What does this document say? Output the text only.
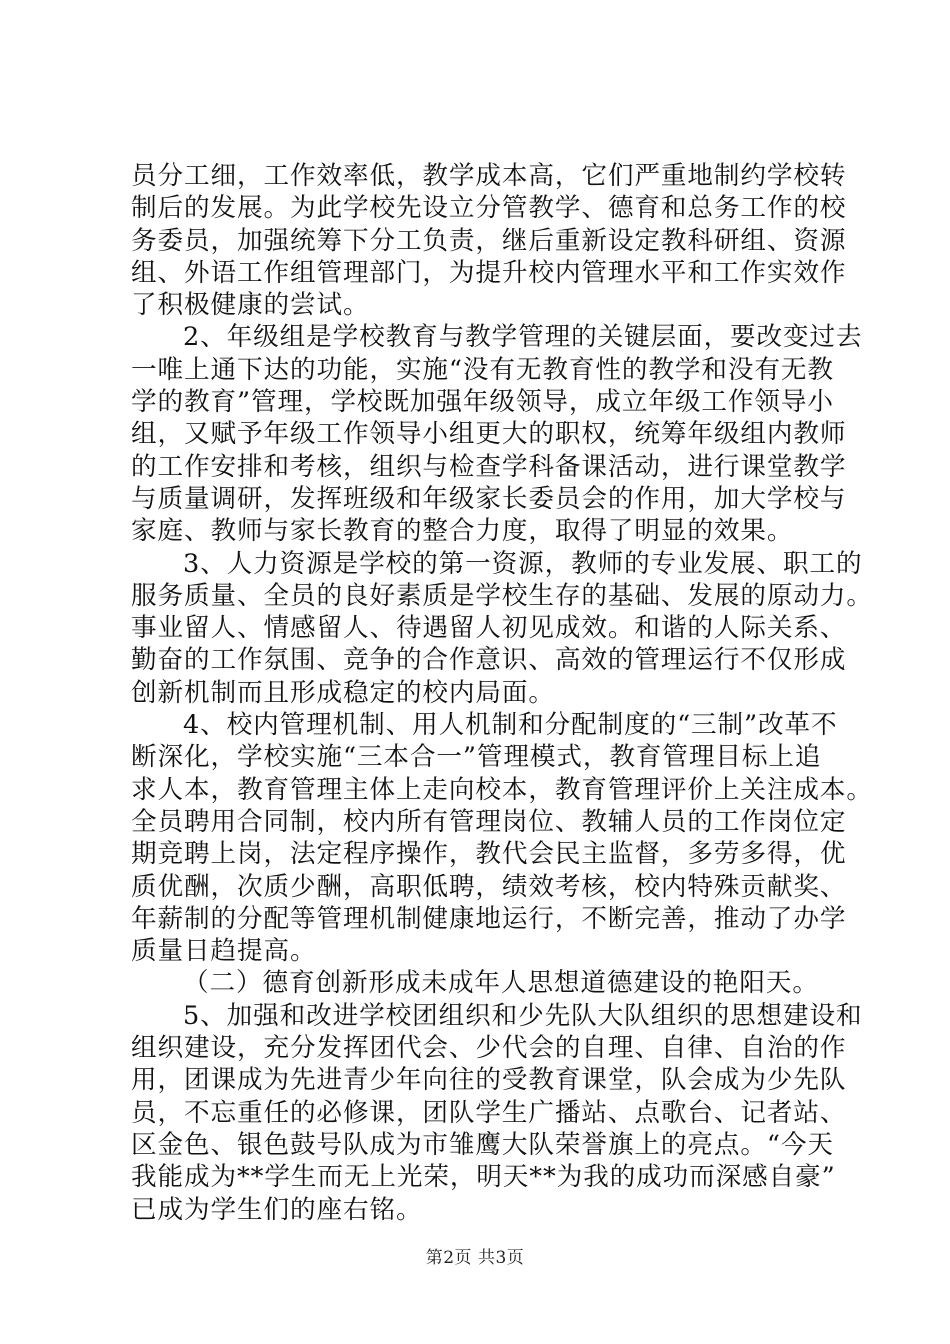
员分工细，工作效率低，教学成本高，它们严重地制约学校转
制后的发展。为此学校先设立分管教学、德育和总务工作的校
务委员，加强统筹下分工负责，继后重新设定教科研组、资源
组、外语工作组管理部门，为提升校内管理水平和工作实效作
了积极健康的尝试。
2、年级组是学校教育与教学管理的关键层面，要改变过去
一唯上通下达的功能，实施“没有无教育性的教学和没有无教
学的教育”管理，学校既加强年级领导，成立年级工作领导小
组，又赋予年级工作领导小组更大的职权，统筹年级组内教师
的工作安排和考核，组织与检查学科备课活动，进行课堂教学
与质量调研，发挥班级和年级家长委员会的作用，加大学校与
家庭、教师与家长教育的整合力度，取得了明显的效果。
3、人力资源是学校的第一资源，教师的专业发展、职工的
服务质量、全员的良好素质是学校生存的基础、发展的原动力。
事业留人、情感留人、待遇留人初见成效。和谐的人际关系、
勤奋的工作氛围、竞争的合作意识、高效的管理运行不仅形成
创新机制而且形成稳定的校内局面。
4、校内管理机制、用人机制和分配制度的“三制”改革不
断深化，学校实施“三本合一”管理模式，教育管理目标上追
求人本，教育管理主体上走向校本，教育管理评价上关注成本。
全员聘用合同制，校内所有管理岗位、教辅人员的工作岗位定
期竞聘上岗，法定程序操作，教代会民主监督，多劳多得，优
质优酬，次质少酬，高职低聘，绩效考核，校内特殊贡献奖、
年薪制的分配等管理机制健康地运行，不断完善，推动了办学
质量日趋提高。
（二）德育创新形成未成年人思想道德建设的艳阳天。
5、加强和改进学校团组织和少先队大队组织的思想建设和
组织建设，充分发挥团代会、少代会的自理、自律、自治的作
用，团课成为先进青少年向往的受教育课堂，队会成为少先队
员，不忘重任的必修课，团队学生广播站、点歌台、记者站、
区金色、银色鼓号队成为市雏鹰大队荣誉旗上的亮点。“今天
我能成为**学生而无上光荣，明天**为我的成功而深感自豪”
已成为学生们的座右铭。
第2页 共3页
